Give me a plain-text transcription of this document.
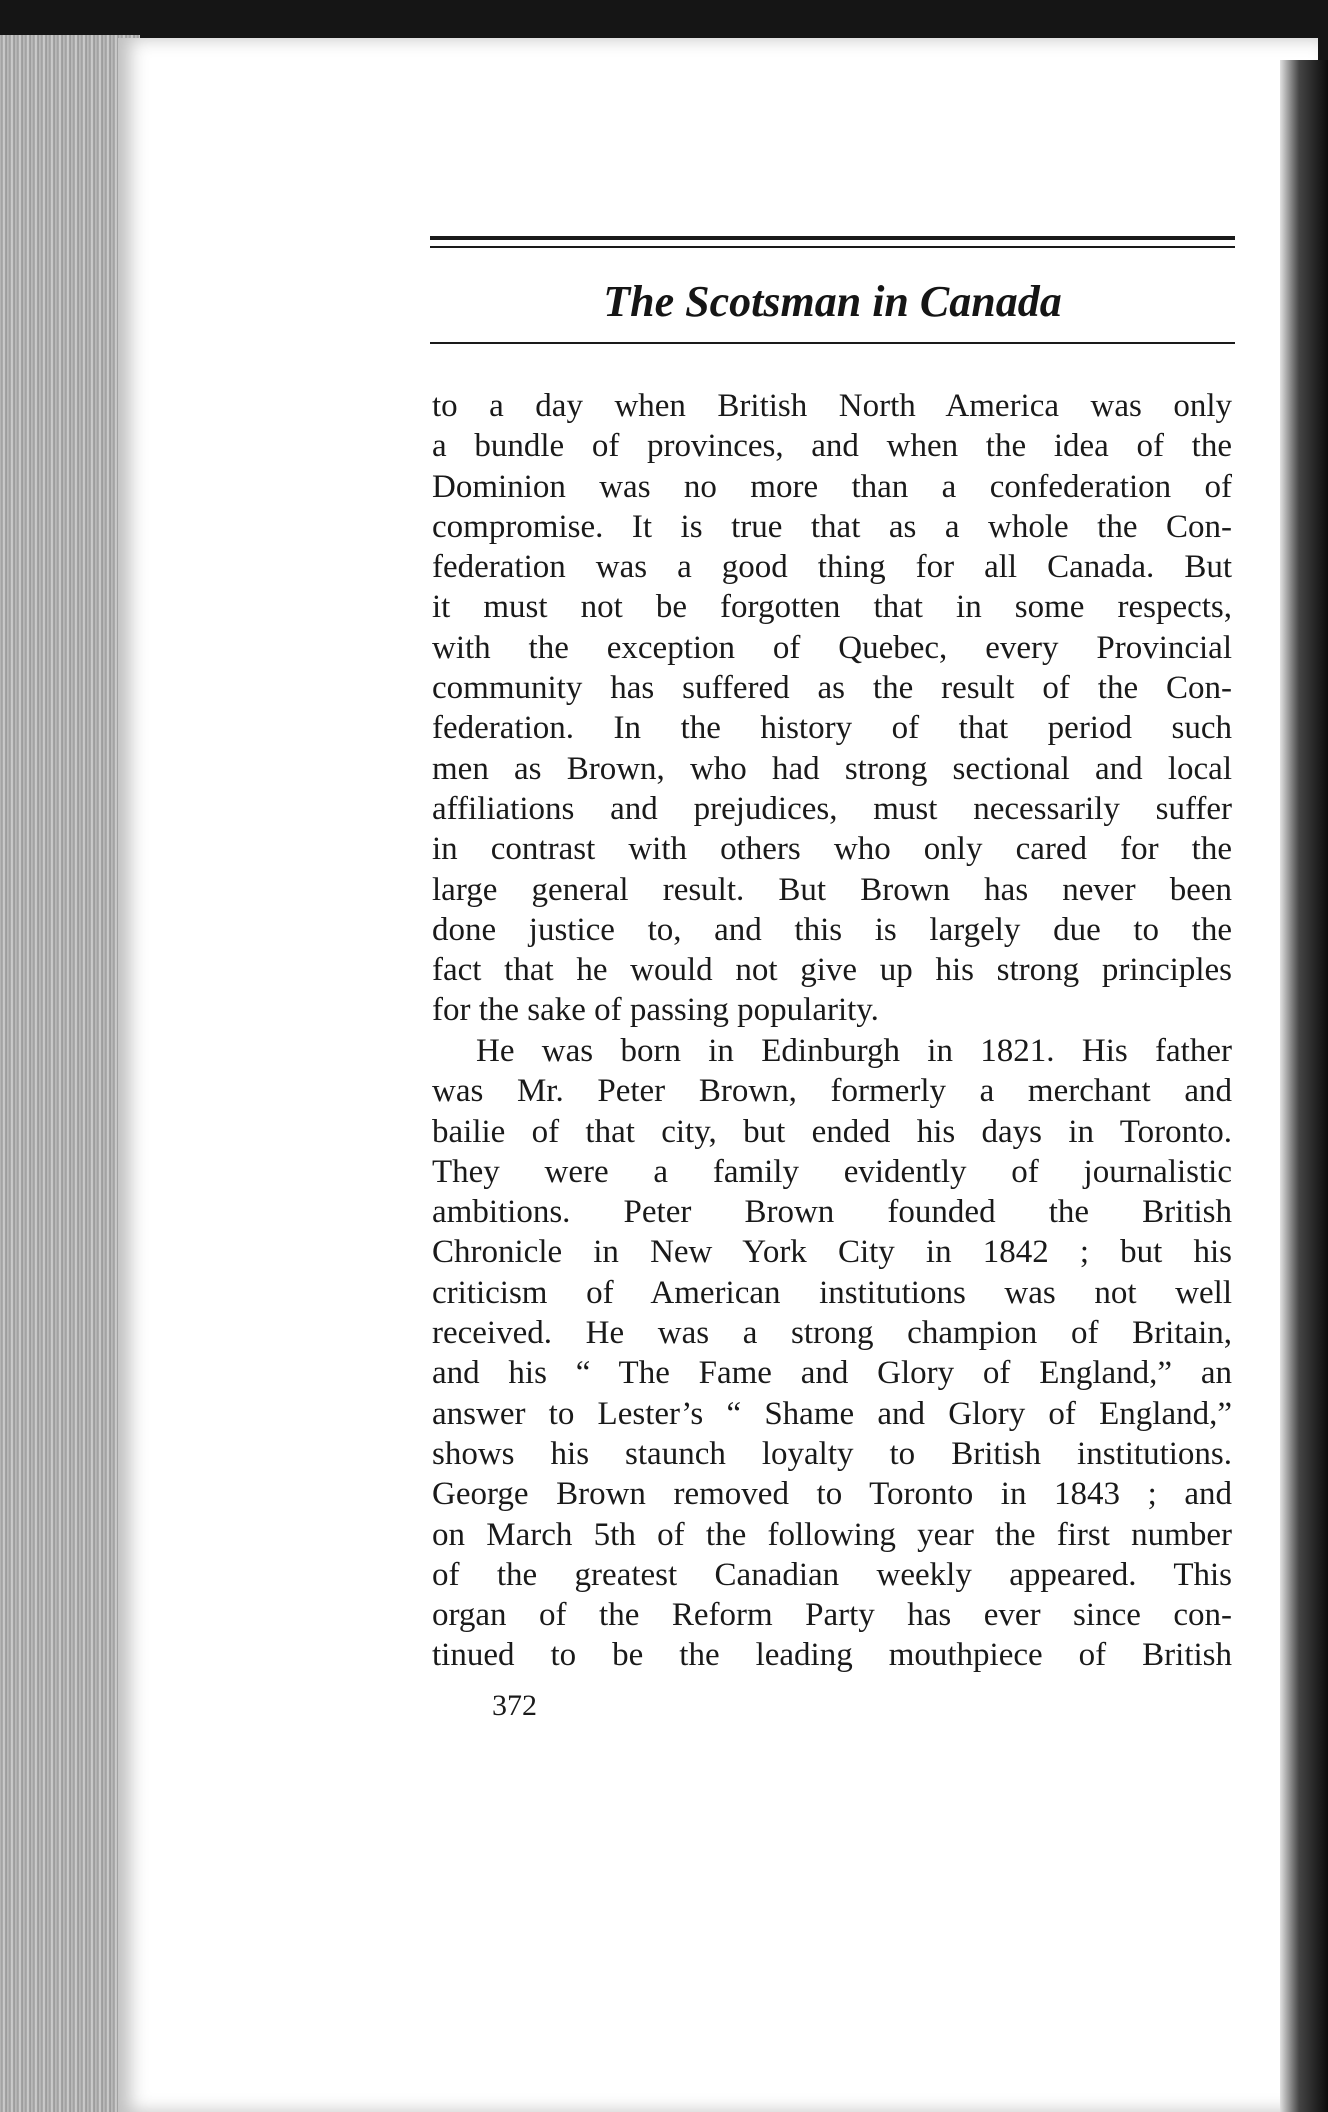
The Scotsman in Canada
to a day when British North America was only
a bundle of provinces, and when the idea of the
Dominion was no more than a confederation of
compromise. It is true that as a whole the Con-
federation was a good thing for all Canada. But
it must not be forgotten that in some respects,
with the exception of Quebec, every Provincial
community has suffered as the result of the Con-
federation. In the history of that period such
men as Brown, who had strong sectional and local
affiliations and prejudices, must necessarily suffer
in contrast with others who only cared for the
large general result. But Brown has never been
done justice to, and this is largely due to the
fact that he would not give up his strong principles
for the sake of passing popularity.
He was born in Edinburgh in 1821. His father
was Mr. Peter Brown, formerly a merchant and
bailie of that city, but ended his days in Toronto.
They were a family evidently of journalistic
ambitions. Peter Brown founded the British
Chronicle in New York City in 1842 ; but his
criticism of American institutions was not well
received. He was a strong champion of Britain,
and his “ The Fame and Glory of England,” an
answer to Lester’s “ Shame and Glory of England,”
shows his staunch loyalty to British institutions.
George Brown removed to Toronto in 1843 ; and
on March 5th of the following year the first number
of the greatest Canadian weekly appeared. This
organ of the Reform Party has ever since con-
tinued to be the leading mouthpiece of British
372
